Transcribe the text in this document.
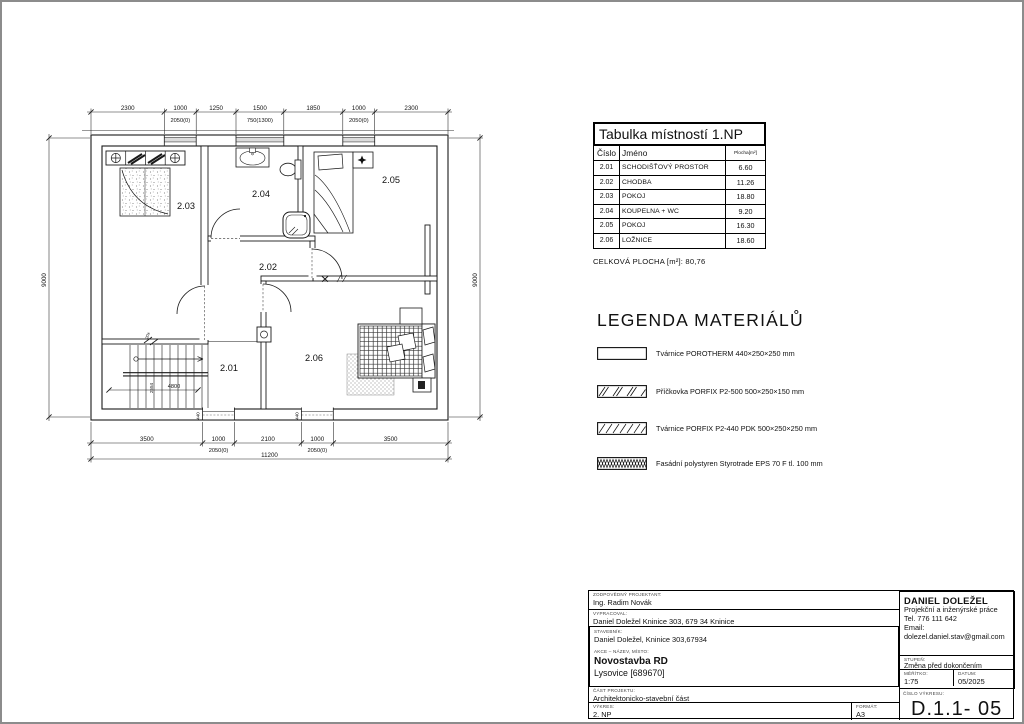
440	440
4800
2554
20x
2300	1000	1250	1500	1850	1000	2300
2050(0)	750(1300)	2050(0)
3500	1000	2100	1000	3500
2050(0)	2050(0)
11200
9000	9000
2.01
2.02
2.03
2.04
2.05
2.06
Tabulka místností 1.NP
Číslo Jméno	Plocha[m²]
2.01	SCHODIŠŤOVÝ PROSTOR	6.60
2.02	CHODBA	11.26
2.03	POKOJ	18.80
2.04	KOUPELNA + WC	9.20
2.05	POKOJ	16.30
2.06	LOŽNICE	18.60
CELKOVÁ PLOCHA [m²]: 80,76
LEGENDA MATERIÁLŮ
Tvárnice POROTHERM 440×250×250 mm
Příčkovka PORFIX P2-500 500×250×150 mm
Tvárnice PORFIX P2-440 PDK 500×250×250 mm
Fasádní polystyren Styrotrade EPS 70 F tl. 100 mm
ZODPOVĚDNÝ PROJEKTANT:
Ing. Radim Novák
VYPRACOVAL:
Daniel Doležel Kninice 303, 679 34 Kninice
STAVEBNÍK:
Daniel Doležel, Kninice 303,67934
AKCE – NÁZEV, MÍSTO:
Novostavba RD
Lysovice [689670]
ČÁST PROJEKTU:
Architektonicko-stavební část
VÝKRES:
2. NP
FORMÁT:
A3
DANIEL DOLEŽEL
Projekční a inženýrské práce
Tel. 776 111 642
Email:
dolezel.daniel.stav@gmail.com
STUPEŇ:
Změna před dokončením
MĚŘÍTKO:
1:75
DATUM:
05/2025
ČÍSLO VÝKRESU:
D.1.1- 05
